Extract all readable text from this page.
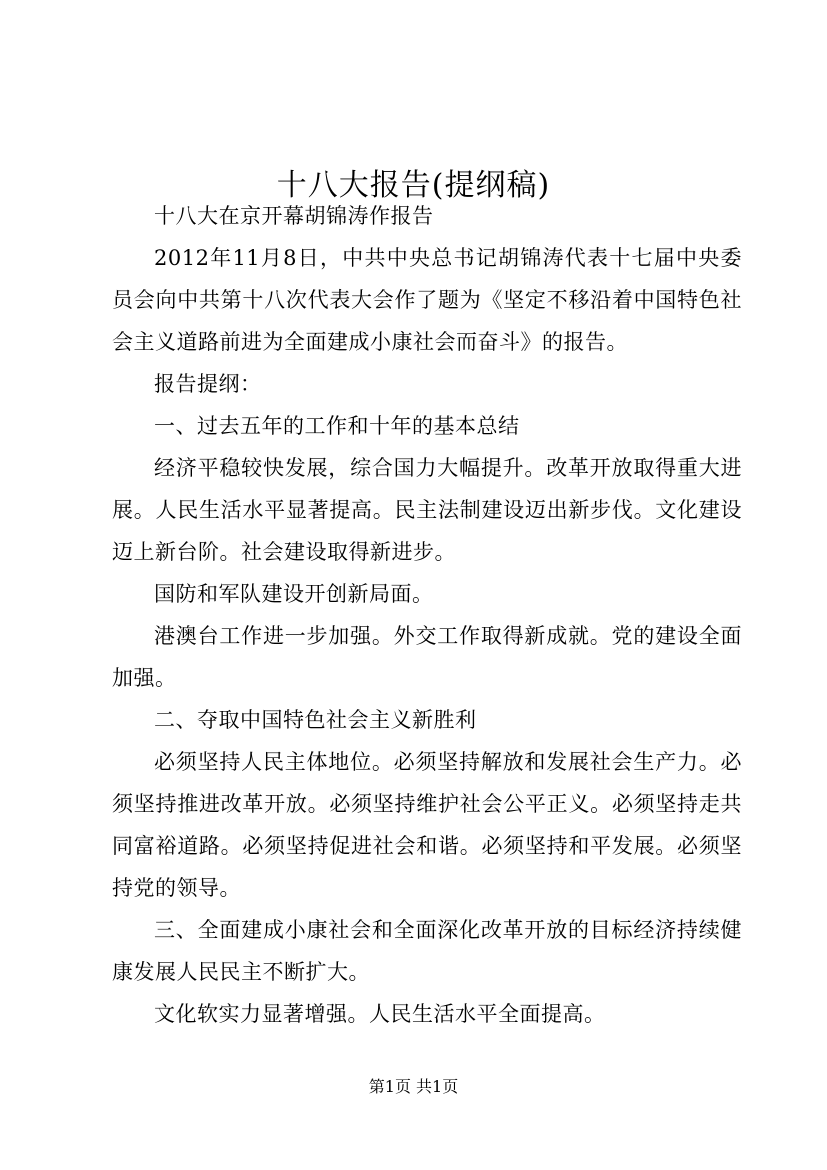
十八大报告(提纲稿)

十八大在京开幕胡锦涛作报告

2012年11月8日，中共中央总书记胡锦涛代表十七届中央委员会向中共第十八次代表大会作了题为《坚定不移沿着中国特色社会主义道路前进为全面建成小康社会而奋斗》的报告。

报告提纲：

一、过去五年的工作和十年的基本总结

经济平稳较快发展，综合国力大幅提升。改革开放取得重大进展。人民生活水平显著提高。民主法制建设迈出新步伐。文化建设迈上新台阶。社会建设取得新进步。

国防和军队建设开创新局面。

港澳台工作进一步加强。外交工作取得新成就。党的建设全面加强。

二、夺取中国特色社会主义新胜利

必须坚持人民主体地位。必须坚持解放和发展社会生产力。必须坚持推进改革开放。必须坚持维护社会公平正义。必须坚持走共同富裕道路。必须坚持促进社会和谐。必须坚持和平发展。必须坚持党的领导。

三、全面建成小康社会和全面深化改革开放的目标经济持续健康发展人民民主不断扩大。

文化软实力显著增强。人民生活水平全面提高。

第1页 共1页
